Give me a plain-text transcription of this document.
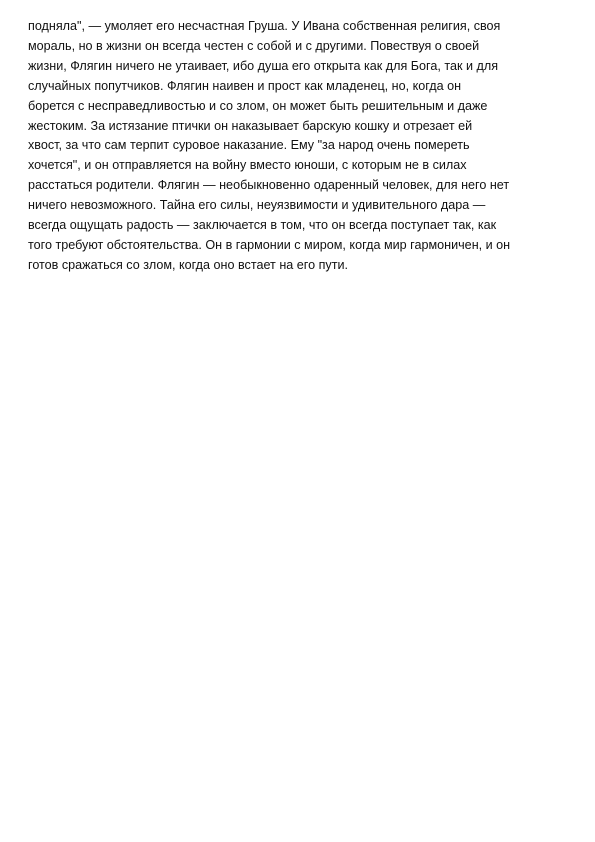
подняла", — умоляет его несчастная Груша. У Ивана собственная религия, своя
мораль, но в жизни он всегда честен с собой и с другими. Повествуя о своей
жизни, Флягин ничего не утаивает, ибо душа его открыта как для Бога, так и для
случайных попутчиков. Флягин наивен и прост как младенец, но, когда он
борется с несправедливостью и со злом, он может быть решительным и даже
жестоким. За истязание птички он наказывает барскую кошку и отрезает ей
хвост, за что сам терпит суровое наказание. Ему "за народ очень помереть
хочется", и он отправляется на войну вместо юноши, с которым не в силах
расстаться родители. Флягин — необыкновенно одаренный человек, для него нет
ничего невозможного. Тайна его силы, неуязвимости и удивительного дара —
всегда ощущать радость — заключается в том, что он всегда поступает так, как
того требуют обстоятельства. Он в гармонии с миром, когда мир гармоничен, и он
готов сражаться со злом, когда оно встает на его пути.
